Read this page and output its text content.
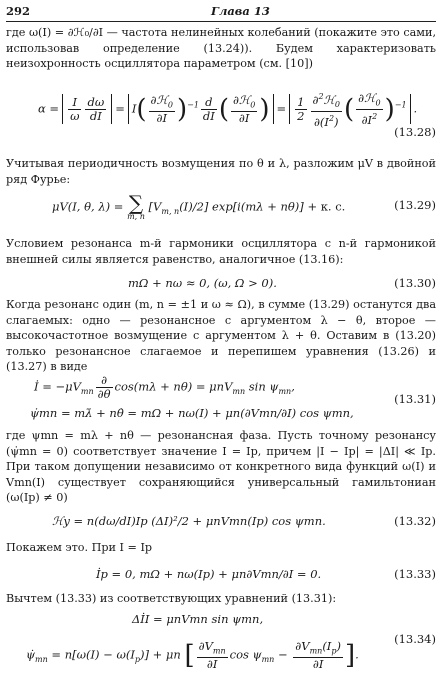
292	Глава 13
где ω(I) = ∂ℋ₀/∂I — частота нелинейных колебаний (покажите это сами, использовав определение (13.24)). Будем характеризовать неизохронность осциллятора параметром (см. [10])
$\alpha = \frac{I}{\omega} \frac{d\omega}{dI} = I( \frac{\partial ℋ_0}{\partial I} )^{-1} \frac{d}{dI}$ ( $\frac{\partial ℋ_0}{\partial I}$ ) = $\frac{1}{2} \frac{\partial^2ℋ_0}{\partial(I^2)}$ ( $\frac{\partial ℋ_0}{\partial I^2} )^{-1}$ .
(13.28)
Учитывая периодичность возмущения по θ и λ, разложим μV в двойной ряд Фурье:
μV(I, θ, λ) = ∑
m, n
$[V_{m, n}(I)/2] \exp[i(m\lambda + n\theta)] + к$. с.	(13.29)
Условием резонанса m-й гармоники осциллятора с n-й гармоникой внешней силы является равенство, аналогичное (13.16):
mΩ + nω ≈ 0, (ω, Ω > 0).	(13.30)
Когда резонанс один (m, n = ±1 и ω ≈ Ω), в сумме (13.29) останутся два слагаемых: одно — резонансное с аргументом λ − θ, второе — высокочастотное возмущение с аргументом λ + θ. Оставим в (13.20) только резонансное слагаемое и перепишем уравнения (13.26) и (13.27) в виде
İ = $-\mu V_{mn} \frac{\partial}{\partial\theta} \cos(m\lambda + n\theta) = \mu nV_{mn}$ $\sin \psi_{mn}$,
ψ̇mn = mλ̇ + nθ̇ = mΩ + nω(I) + μn(∂Vmn/∂I) cos ψmn,
(13.31)
где ψmn = mλ + nθ — резонансная фаза. Пусть точному резонансу (ψ̇mn = 0) соответствует значение I = Iр, причем |I − Iр| = |ΔI| ≪ Iр. При таком допущении независимо от конкретного вида функций ω(I) и Vmn(I) существует сохраняющийся универсальный гамильтониан (ω(Iр) ≠ 0)
ℋy = n(dω/dI)Iр (ΔI)²/2 + μnVmn(Iр) cos ψmn.	(13.32)
Покажем это. При I = Iр
İр = 0, mΩ + nω(Iр) + μn∂Vmn/∂I = 0.	(13.33)
Вычтем (13.33) из соответствующих уравнений (13.31):
ΔİI = μnVmn sin ψmn,
$\psi̇_{mn} = n[\omega(I) - \omega(I_р)] + \mu n$ [ $\frac{\partial V_{mn}}{\partial I}$ $\cos \psi_{mn} - \frac{\partial V_{mn}(I_р)}{\partial I}$ ].
(13.34)
